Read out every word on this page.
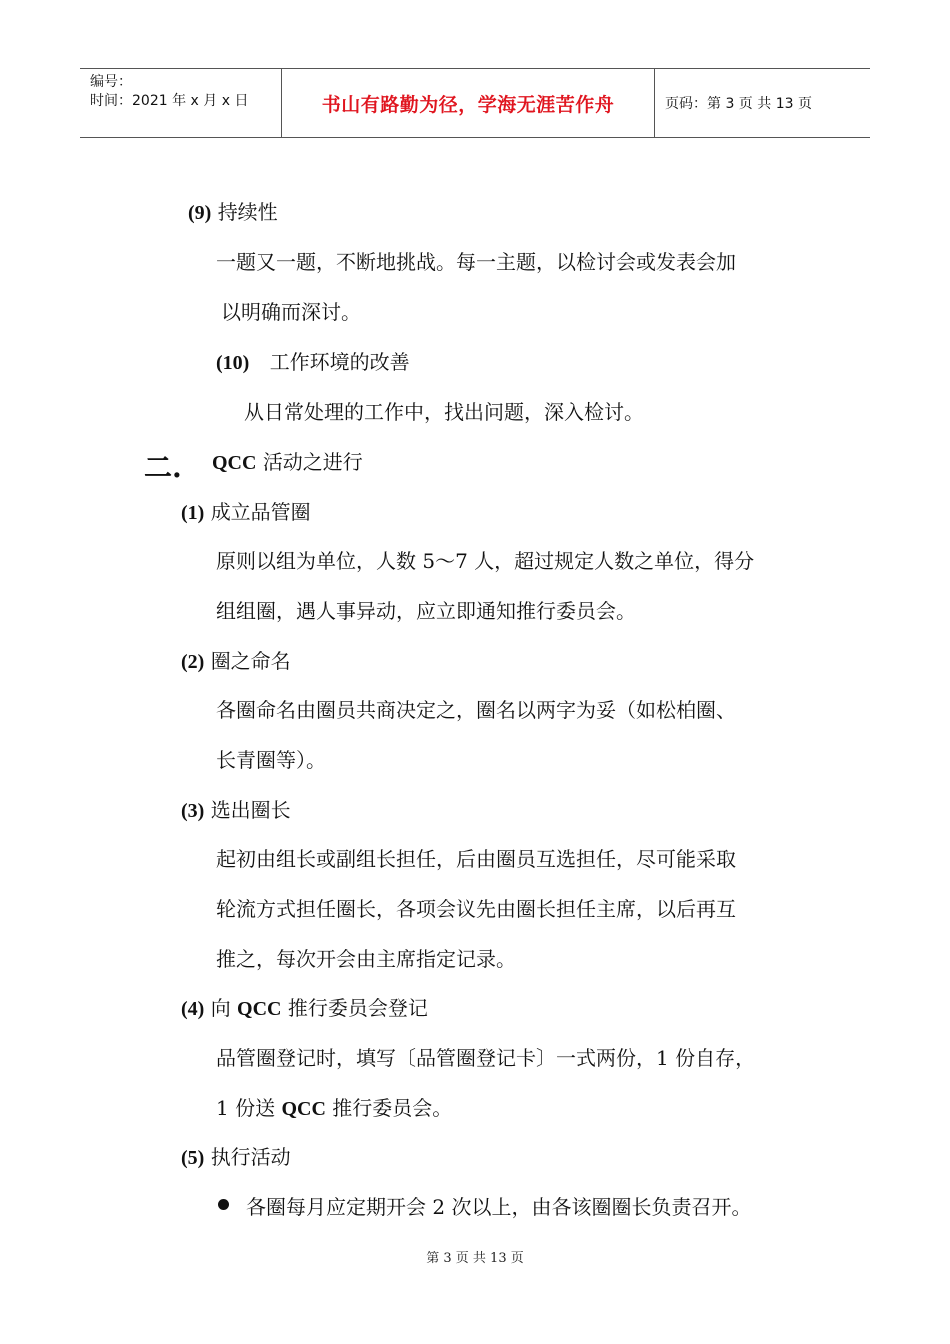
编号：
时间：2021 年 x 月 x 日	书山有路勤为径，学海无涯苦作舟	页码：第 3 页 共 13 页
(9) 持续性
一题又一题，不断地挑战。每一主题，以检讨会或发表会加
以明确而深讨。
(10) 工作环境的改善
从日常处理的工作中，找出问题，深入检讨。
二. QCC 活动之进行
(1) 成立品管圈
原则以组为单位，人数 5～7 人，超过规定人数之单位，得分
组组圈，遇人事异动，应立即通知推行委员会。
(2) 圈之命名
各圈命名由圈员共商决定之，圈名以两字为妥（如松柏圈、
长青圈等）。
(3) 选出圈长
起初由组长或副组长担任，后由圈员互选担任，尽可能采取
轮流方式担任圈长，各项会议先由圈长担任主席，以后再互
推之，每次开会由主席指定记录。
(4) 向 QCC 推行委员会登记
品管圈登记时，填写〔品管圈登记卡〕一式两份，1 份自存，
1 份送 QCC 推行委员会。
(5) 执行活动
各圈每月应定期开会 2 次以上，由各该圈圈长负责召开。
第 3 页 共 13 页
